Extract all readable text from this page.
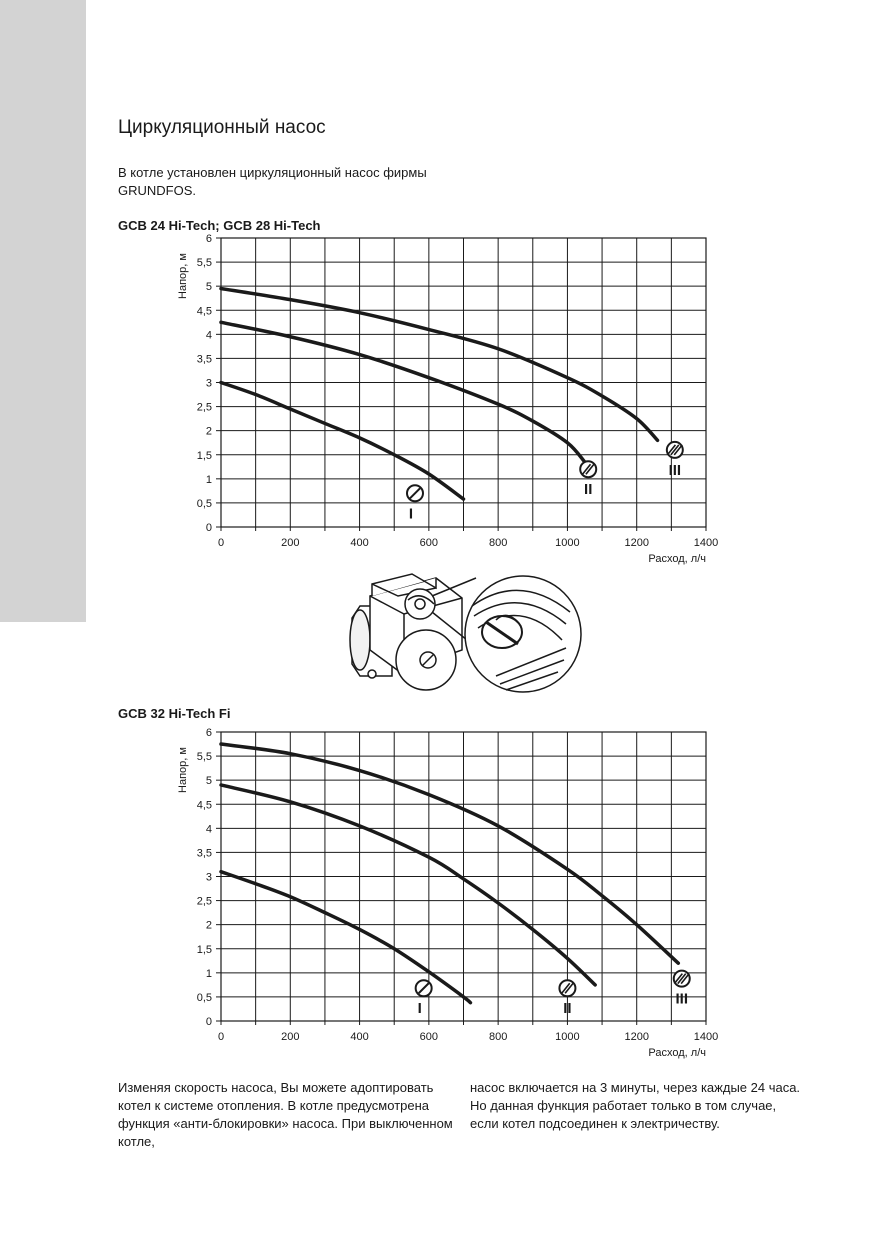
Циркуляционный насос
В котле установлен циркуляционный насос фирмы GRUNDFOS.
GCB 24 Hi-Tech; GCB 28 Hi-Tech
GCB 32 Hi-Tech Fi
0
0,5
1
1,5
2
2,5
3
3,5
4
4,5
5
5,5
6
0	200	400	600	800	1000	1200	1400
Расход, л/ч
Напор, м
I
II
III
0
0,5
1
1,5
2
2,5
3
3,5
4
4,5
5
5,5
6
0	200	400	600	800	1000	1200	1400
Расход, л/ч
Напор, м
I	II
III
Изменяя скорость насоса, Вы можете адоптировать котел к системе отопления. В котле предусмотрена функция «анти-блокировки» насоса. При выключенном котле,
насос включается на 3 минуты, через каждые 24 часа. Но данная функция работает только в том случае, если котел подсоединен к электричеству.
